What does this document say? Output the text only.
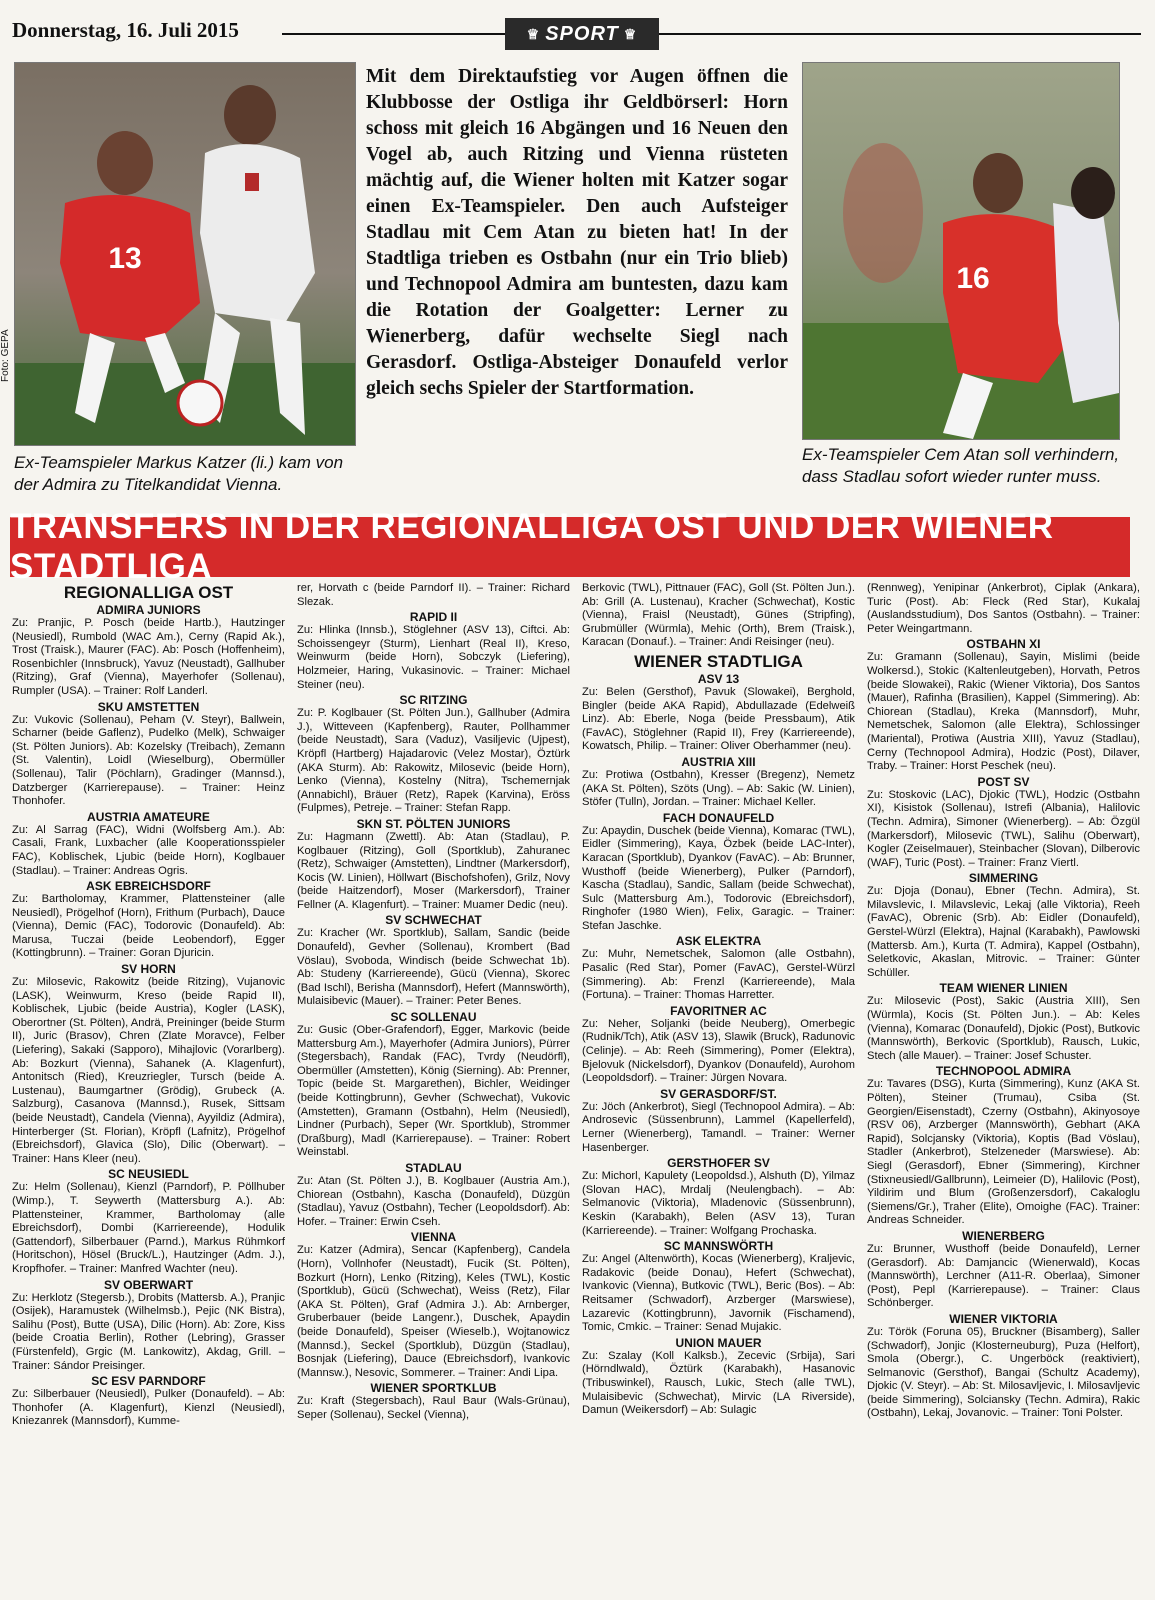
Donnerstag, 16. Juli 2015	♕ SPORT ♕
13
Foto: GEPA
Ex-Teamspieler Markus Katzer (li.) kam von der Admira zu Titelkandidat Vienna.
Mit dem Direktaufstieg vor Augen öffnen die Klubbosse der Ostliga ihr Geldbörserl: Horn schoss mit gleich 16 Abgängen und 16 Neuen den Vogel ab, auch Ritzing und Vienna rüsteten mächtig auf, die Wiener holten mit Katzer sogar einen Ex-Teamspieler. Den auch Aufsteiger Stadlau mit Cem Atan zu bieten hat! In der Stadtliga trieben es Ostbahn (nur ein Trio blieb) und Technopool Admira am buntesten, dazu kam die Rotation der Goalgetter: Lerner zu Wienerberg, dafür wechselte Siegl nach Gerasdorf. Ostliga-Absteiger Donaufeld verlor gleich sechs Spieler der Startformation.
16
Ex-Teamspieler Cem Atan soll verhindern, dass Stadlau sofort wieder runter muss.
TRANSFERS IN DER REGIONALLIGA OST UND DER WIENER STADTLIGA
REGIONALLIGA OST
ADMIRA JUNIORS
Zu: Pranjic, P. Posch (beide Hartb.), Hautzinger (Neusiedl), Rumbold (WAC Am.), Cerny (Rapid Ak.), Trost (Traisk.), Maurer (FAC). Ab: Posch (Hoffenheim), Rosenbichler (Innsbruck), Yavuz (Neustadt), Gallhuber (Ritzing), Graf (Vienna), Mayerhofer (Sollenau), Rumpler (USA). – Trainer: Rolf Landerl.
SKU AMSTETTEN
Zu: Vukovic (Sollenau), Peham (V. Steyr), Ballwein, Scharner (beide Gaflenz), Pudelko (Melk), Schwaiger (St. Pölten Juniors). Ab: Kozelsky (Treibach), Zemann (St. Valentin), Loidl (Wieselburg), Obermüller (Sollenau), Talir (Pöchlarn), Gradinger (Mannsd.), Datzberger (Karrierepause). – Trainer: Heinz Thonhofer.
AUSTRIA AMATEURE
Zu: Al Sarrag (FAC), Widni (Wolfsberg Am.). Ab: Casali, Frank, Luxbacher (alle Kooperationsspieler FAC), Koblischek, Ljubic (beide Horn), Koglbauer (Stadlau). – Trainer: Andreas Ogris.
ASK EBREICHSDORF
Zu: Bartholomay, Krammer, Plattensteiner (alle Neusiedl), Prögelhof (Horn), Frithum (Purbach), Dauce (Vienna), Demic (FAC), Todorovic (Donaufeld). Ab: Marusa, Tuczai (beide Leobendorf), Egger (Kottingbrunn). – Trainer: Goran Djuricin.
SV HORN
Zu: Milosevic, Rakowitz (beide Ritzing), Vujanovic (LASK), Weinwurm, Kreso (beide Rapid II), Koblischek, Ljubic (beide Austria), Kogler (LASK), Oberortner (St. Pölten), Andrä, Preininger (beide Sturm II), Juric (Brasov), Chren (Zlate Moravce), Felber (Liefering), Sakaki (Sapporo), Mihajlovic (Vorarlberg). Ab: Bozkurt (Vienna), Sahanek (A. Klagenfurt), Antonitsch (Ried), Kreuzriegler, Tursch (beide A. Lustenau), Baumgartner (Grödig), Grubeck (A. Salzburg), Casanova (Mannsd.), Rusek, Sittsam (beide Neustadt), Candela (Vienna), Ayyildiz (Admira), Hinterberger (St. Florian), Kröpfl (Lafnitz), Prögelhof (Ebreichsdorf), Glavica (Slo), Dilic (Oberwart). – Trainer: Hans Kleer (neu).
SC NEUSIEDL
Zu: Helm (Sollenau), Kienzl (Parndorf), P. Pöllhuber (Wimp.), T. Seywerth (Mattersburg A.). Ab: Plattensteiner, Krammer, Bartholomay (alle Ebreichsdorf), Dombi (Karriereende), Hodulik (Gattendorf), Silberbauer (Parnd.), Markus Rühmkorf (Horitschon), Hösel (Bruck/L.), Hautzinger (Adm. J.), Kropfhofer. – Trainer: Manfred Wachter (neu).
SV OBERWART
Zu: Herklotz (Stegersb.), Drobits (Mattersb. A.), Pranjic (Osijek), Haramustek (Wilhelmsb.), Pejic (NK Bistra), Salihu (Post), Butte (USA), Dilic (Horn). Ab: Zore, Kiss (beide Croatia Berlin), Rother (Lebring), Grasser (Fürstenfeld), Grgic (M. Lankowitz), Akdag, Grill. – Trainer: Sándor Preisinger.
SC ESV PARNDORF
Zu: Silberbauer (Neusiedl), Pulker (Donaufeld). – Ab: Thonhofer (A. Klagenfurt), Kienzl (Neusiedl), Kniezanrek (Mannsdorf), Kumme-
rer, Horvath c (beide Parndorf II). – Trainer: Richard Slezak.
RAPID II
Zu: Hlinka (Innsb.), Stöglehner (ASV 13), Ciftci. Ab: Schoissengeyr (Sturm), Lienhart (Real II), Kreso, Weinwurm (beide Horn), Sobczyk (Liefering), Holzmeier, Haring, Vukasinovic. – Trainer: Michael Steiner (neu).
SC RITZING
Zu: P. Koglbauer (St. Pölten Jun.), Gallhuber (Admira J.), Witteveen (Kapfenberg), Rauter, Pollhammer (beide Neustadt), Sara (Vaduz), Vasiljevic (Ujpest), Kröpfl (Hartberg) Hajadarovic (Velez Mostar), Öztürk (AKA Sturm). Ab: Rakowitz, Milosevic (beide Horn), Lenko (Vienna), Kostelny (Nitra), Tschemernjak (Annabichl), Bräuer (Retz), Rapek (Karvina), Eröss (Fulpmes), Petreje. – Trainer: Stefan Rapp.
SKN ST. PÖLTEN JUNIORS
Zu: Hagmann (Zwettl). Ab: Atan (Stadlau), P. Koglbauer (Ritzing), Goll (Sportklub), Zahuranec (Retz), Schwaiger (Amstetten), Lindtner (Markersdorf), Kocis (W. Linien), Höllwart (Bischofshofen), Grilz, Novy (beide Haitzendorf), Moser (Markersdorf), Trainer Fellner (A. Klagenfurt). – Trainer: Muamer Dedic (neu).
SV SCHWECHAT
Zu: Kracher (Wr. Sportklub), Sallam, Sandic (beide Donaufeld), Gevher (Sollenau), Krombert (Bad Vöslau), Svoboda, Windisch (beide Schwechat 1b). Ab: Studeny (Karriereende), Gücü (Vienna), Skorec (Bad Ischl), Berisha (Mannsdorf), Hefert (Mannswörth), Mulaisibevic (Mauer). – Trainer: Peter Benes.
SC SOLLENAU
Zu: Gusic (Ober-Grafendorf), Egger, Markovic (beide Mattersburg Am.), Mayerhofer (Admira Juniors), Pürrer (Stegersbach), Randak (FAC), Tvrdy (Neudörfl), Obermüller (Amstetten), König (Sierning). Ab: Prenner, Topic (beide St. Margarethen), Bichler, Weidinger (beide Kottingbrunn), Gevher (Schwechat), Vukovic (Amstetten), Gramann (Ostbahn), Helm (Neusiedl), Lindner (Purbach), Seper (Wr. Sportklub), Strommer (Draßburg), Madl (Karrierepause). – Trainer: Robert Weinstabl.
STADLAU
Zu: Atan (St. Pölten J.), B. Koglbauer (Austria Am.), Chiorean (Ostbahn), Kascha (Donaufeld), Düzgün (Stadlau), Yavuz (Ostbahn), Techer (Leopoldsdorf). Ab: Hofer. – Trainer: Erwin Cseh.
VIENNA
Zu: Katzer (Admira), Sencar (Kapfenberg), Candela (Horn), Vollnhofer (Neustadt), Fucik (St. Pölten), Bozkurt (Horn), Lenko (Ritzing), Keles (TWL), Kostic (Sportklub), Gücü (Schwechat), Weiss (Retz), Filar (AKA St. Pölten), Graf (Admira J.). Ab: Arnberger, Gruberbauer (beide Langenr.), Duschek, Apaydin (beide Donaufeld), Speiser (Wieselb.), Wojtanowicz (Mannsd.), Seckel (Sportklub), Düzgün (Stadlau), Bosnjak (Liefering), Dauce (Ebreichsdorf), Ivankovic (Mannsw.), Nesovic, Sommerer. – Trainer: Andi Lipa.
WIENER SPORTKLUB
Zu: Kraft (Stegersbach), Raul Baur (Wals-Grünau), Seper (Sollenau), Seckel (Vienna),
Berkovic (TWL), Pittnauer (FAC), Goll (St. Pölten Jun.). Ab: Grill (A. Lustenau), Kracher (Schwechat), Kostic (Vienna), Fraisl (Neustadt), Günes (Stripfing), Grubmüller (Würmla), Mehic (Orth), Brem (Traisk.), Karacan (Donauf.). – Trainer: Andi Reisinger (neu).
WIENER STADTLIGA
ASV 13
Zu: Belen (Gersthof), Pavuk (Slowakei), Berghold, Bingler (beide AKA Rapid), Abdullazade (Edelweiß Linz). Ab: Eberle, Noga (beide Pressbaum), Atik (FavAC), Stöglehner (Rapid II), Frey (Karriereende), Kowatsch, Philip. – Trainer: Oliver Oberhammer (neu).
AUSTRIA XIII
Zu: Protiwa (Ostbahn), Kresser (Bregenz), Nemetz (AKA St. Pölten), Szöts (Ung). – Ab: Sakic (W. Linien), Stöfer (Tulln), Jordan. – Trainer: Michael Keller.
FACH DONAUFELD
Zu: Apaydin, Duschek (beide Vienna), Komarac (TWL), Eidler (Simmering), Kaya, Özbek (beide LAC-Inter), Karacan (Sportklub), Dyankov (FavAC). – Ab: Brunner, Wusthoff (beide Wienerberg), Pulker (Parndorf), Kascha (Stadlau), Sandic, Sallam (beide Schwechat), Sulc (Mattersburg Am.), Todorovic (Ebreichsdorf), Ringhofer (1980 Wien), Felix, Garagic. – Trainer: Stefan Jaschke.
ASK ELEKTRA
Zu: Muhr, Nemetschek, Salomon (alle Ostbahn), Pasalic (Red Star), Pomer (FavAC), Gerstel-Würzl (Simmering). Ab: Frenzl (Karriereende), Mala (Fortuna). – Trainer: Thomas Harretter.
FAVORITNER AC
Zu: Neher, Soljanki (beide Neuberg), Omerbegic (Rudnik/Tch), Atik (ASV 13), Slawik (Bruck), Radunovic (Celinje). – Ab: Reeh (Simmering), Pomer (Elektra), Bjelovuk (Nickelsdorf), Dyankov (Donaufeld), Aurohom (Leopoldsdorf). – Trainer: Jürgen Novara.
SV GERASDORF/ST.
Zu: Jöch (Ankerbrot), Siegl (Technopool Admira). – Ab: Androsevic (Süssenbrunn), Lammel (Kapellerfeld), Lerner (Wienerberg), Tamandl. – Trainer: Werner Hasenberger.
GERSTHOFER SV
Zu: Michorl, Kapulety (Leopoldsd.), Alshuth (D), Yilmaz (Slovan HAC), Mrdalj (Neulengbach). – Ab: Selmanovic (Viktoria), Mladenovic (Süssenbrunn), Keskin (Karabakh), Belen (ASV 13), Turan (Karriereende). – Trainer: Wolfgang Prochaska.
SC MANNSWÖRTH
Zu: Angel (Altenwörth), Kocas (Wienerberg), Kraljevic, Radakovic (beide Donau), Hefert (Schwechat), Ivankovic (Vienna), Butkovic (TWL), Beric (Bos). – Ab: Reitsamer (Schwadorf), Arzberger (Marswiese), Lazarevic (Kottingbrunn), Javornik (Fischamend), Tomic, Cmkic. – Trainer: Senad Mujakic.
UNION MAUER
Zu: Szalay (Koll Kalksb.), Zecevic (Srbija), Sari (Hörndlwald), Öztürk (Karabakh), Hasanovic (Tribuswinkel), Rausch, Lukic, Stech (alle TWL), Mulaisibevic (Schwechat), Mirvic (LA Riverside), Damun (Weikersdorf) – Ab: Sulagic
(Rennweg), Yenipinar (Ankerbrot), Ciplak (Ankara), Turic (Post). Ab: Fleck (Red Star), Kukalaj (Auslandsstudium), Dos Santos (Ostbahn). – Trainer: Peter Weingartmann.
OSTBAHN XI
Zu: Gramann (Sollenau), Sayin, Mislimi (beide Wolkersd.), Stokic (Kaltenleutgeben), Horvath, Petros (beide Slowakei), Rakic (Wiener Viktoria), Dos Santos (Mauer), Rafinha (Brasilien), Kappel (Simmering). Ab: Chiorean (Stadlau), Kreka (Mannsdorf), Muhr, Nemetschek, Salomon (alle Elektra), Schlossinger (Mariental), Protiwa (Austria XIII), Yavuz (Stadlau), Cerny (Technopool Admira), Hodzic (Post), Dilaver, Traby. – Trainer: Horst Peschek (neu).
POST SV
Zu: Stoskovic (LAC), Djokic (TWL), Hodzic (Ostbahn XI), Kisistok (Sollenau), Istrefi (Albania), Halilovic (Techn. Admira), Simoner (Wienerberg). – Ab: Özgül (Markersdorf), Milosevic (TWL), Salihu (Oberwart), Kogler (Zeiselmauer), Steinbacher (Slovan), Dilberovic (WAF), Turic (Post). – Trainer: Franz Viertl.
SIMMERING
Zu: Djoja (Donau), Ebner (Techn. Admira), St. Milavslevic, I. Milavslevic, Lekaj (alle Viktoria), Reeh (FavAC), Obrenic (Srb). Ab: Eidler (Donaufeld), Gerstel-Würzl (Elektra), Hajnal (Karabakh), Pawlowski (Mattersb. Am.), Kurta (T. Admira), Kappel (Ostbahn), Seletkovic, Akaslan, Mitrovic. – Trainer: Günter Schüller.
TEAM WIENER LINIEN
Zu: Milosevic (Post), Sakic (Austria XIII), Sen (Würmla), Kocis (St. Pölten Jun.). – Ab: Keles (Vienna), Komarac (Donaufeld), Djokic (Post), Butkovic (Mannswörth), Berkovic (Sportklub), Rausch, Lukic, Stech (alle Mauer). – Trainer: Josef Schuster.
TECHNOPOOL ADMIRA
Zu: Tavares (DSG), Kurta (Simmering), Kunz (AKA St. Pölten), Steiner (Trumau), Csiba (St. Georgien/Eisenstadt), Czerny (Ostbahn), Akinyosoye (RSV 06), Arzberger (Mannswörth), Gebhart (AKA Rapid), Solcjansky (Viktoria), Koptis (Bad Vöslau), Stadler (Ankerbrot), Stelzeneder (Marswiese). Ab: Siegl (Gerasdorf), Ebner (Simmering), Kirchner (Stixneusiedl/Gallbrunn), Leimeier (D), Halilovic (Post), Yildirim und Blum (Großenzersdorf), Cakaloglu (Siemens/Gr.), Traher (Elite), Omoighe (FAC). Trainer: Andreas Schneider.
WIENERBERG
Zu: Brunner, Wusthoff (beide Donaufeld), Lerner (Gerasdorf). Ab: Damjancic (Wienerwald), Kocas (Mannswörth), Lerchner (A11-R. Oberlaa), Simoner (Post), Pepl (Karrierepause). – Trainer: Claus Schönberger.
WIENER VIKTORIA
Zu: Török (Foruna 05), Bruckner (Bisamberg), Saller (Schwadorf), Jonjic (Klosterneuburg), Puza (Helfort), Smola (Obergr.), C. Ungerböck (reaktiviert), Selmanovic (Gersthof), Bangai (Schultz Academy), Djokic (V. Steyr). – Ab: St. Milosavljevic, I. Milosavljevic (beide Simmering), Solciansky (Techn. Admira), Rakic (Ostbahn), Lekaj, Jovanovic. – Trainer: Toni Polster.
